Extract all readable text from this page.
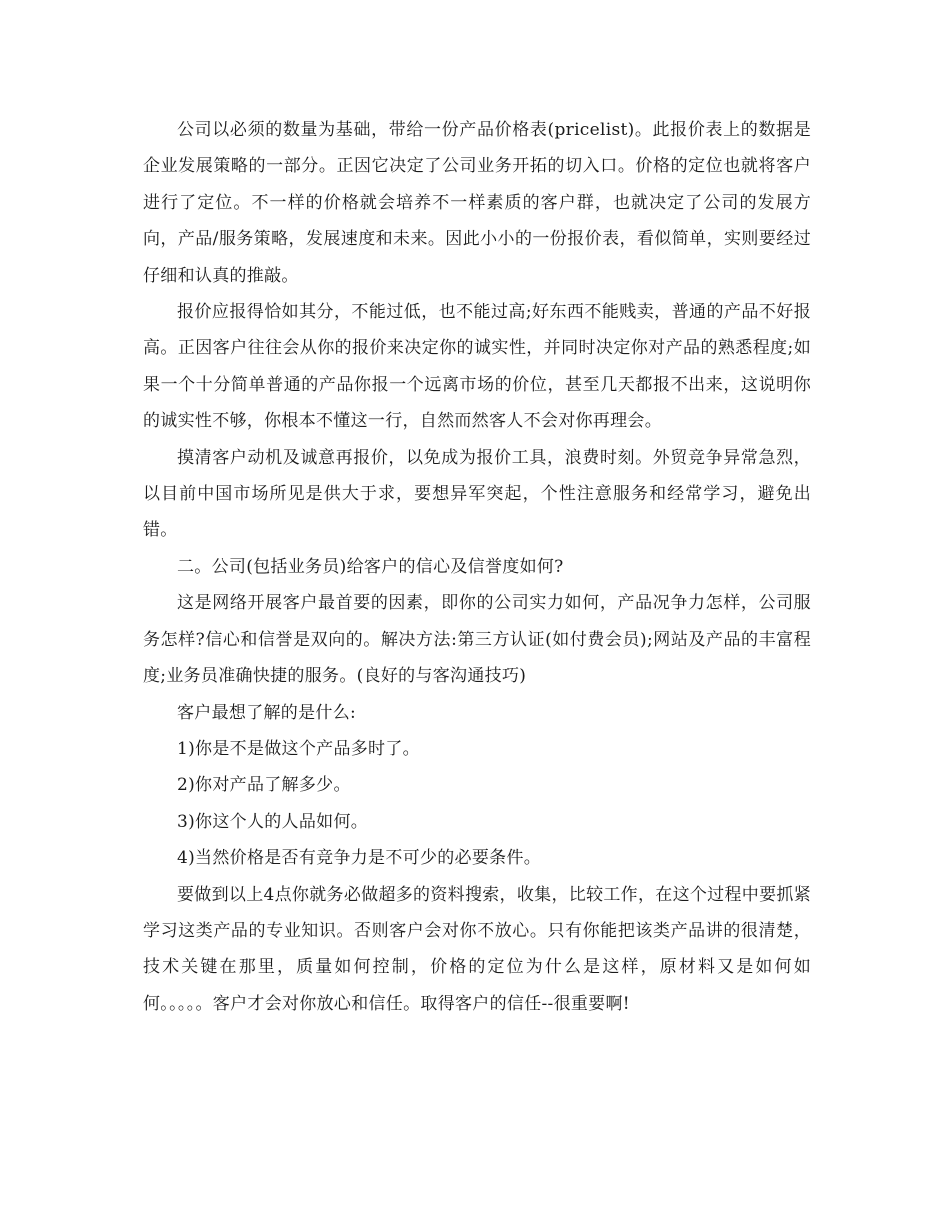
公司以必须的数量为基础，带给一份产品价格表(pricelist)。此报价表上的数据是企业发展策略的一部分。正因它决定了公司业务开拓的切入口。价格的定位也就将客户进行了定位。不一样的价格就会培养不一样素质的客户群，也就决定了公司的发展方向，产品/服务策略，发展速度和未来。因此小小的一份报价表，看似简单，实则要经过仔细和认真的推敲。

报价应报得恰如其分，不能过低，也不能过高;好东西不能贱卖，普通的产品不好报高。正因客户往往会从你的报价来决定你的诚实性，并同时决定你对产品的熟悉程度;如果一个十分简单普通的产品你报一个远离市场的价位，甚至几天都报不出来，这说明你的诚实性不够，你根本不懂这一行，自然而然客人不会对你再理会。

摸清客户动机及诚意再报价，以免成为报价工具，浪费时刻。外贸竞争异常急烈，以目前中国市场所见是供大于求，要想异军突起，个性注意服务和经常学习，避免出错。

二。公司(包括业务员)给客户的信心及信誉度如何?

这是网络开展客户最首要的因素，即你的公司实力如何，产品况争力怎样，公司服务怎样?信心和信誉是双向的。解决方法:第三方认证(如付费会员);网站及产品的丰富程度;业务员准确快捷的服务。(良好的与客沟通技巧)

客户最想了解的是什么:

1)你是不是做这个产品多时了。

2)你对产品了解多少。

3)你这个人的人品如何。

4)当然价格是否有竞争力是不可少的必要条件。

要做到以上4点你就务必做超多的资料搜索，收集，比较工作，在这个过程中要抓紧学习这类产品的专业知识。否则客户会对你不放心。只有你能把该类产品讲的很清楚，技术关键在那里，质量如何控制，价格的定位为什么是这样，原材料又是如何如何。。。。。客户才会对你放心和信任。取得客户的信任--很重要啊!
